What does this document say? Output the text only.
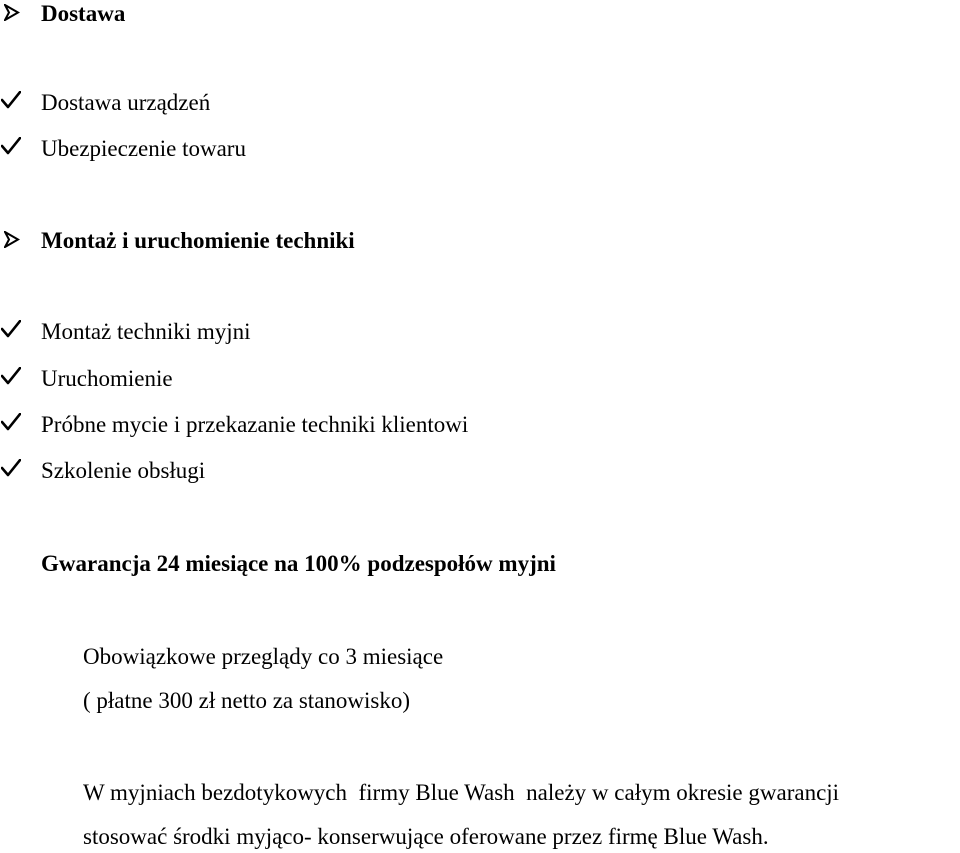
Dostawa
Dostawa urządzeń
Ubezpieczenie towaru
Montaż i uruchomienie techniki
Montaż techniki myjni
Uruchomienie
Próbne mycie i przekazanie techniki klientowi
Szkolenie obsługi
Gwarancja 24 miesiące na 100% podzespołów myjni
Obowiązkowe przeglądy co 3 miesiące
( płatne 300 zł netto za stanowisko)
W myjniach bezdotykowych  firmy Blue Wash  należy w całym okresie gwarancji
stosować środki myjąco- konserwujące oferowane przez firmę Blue Wash.
